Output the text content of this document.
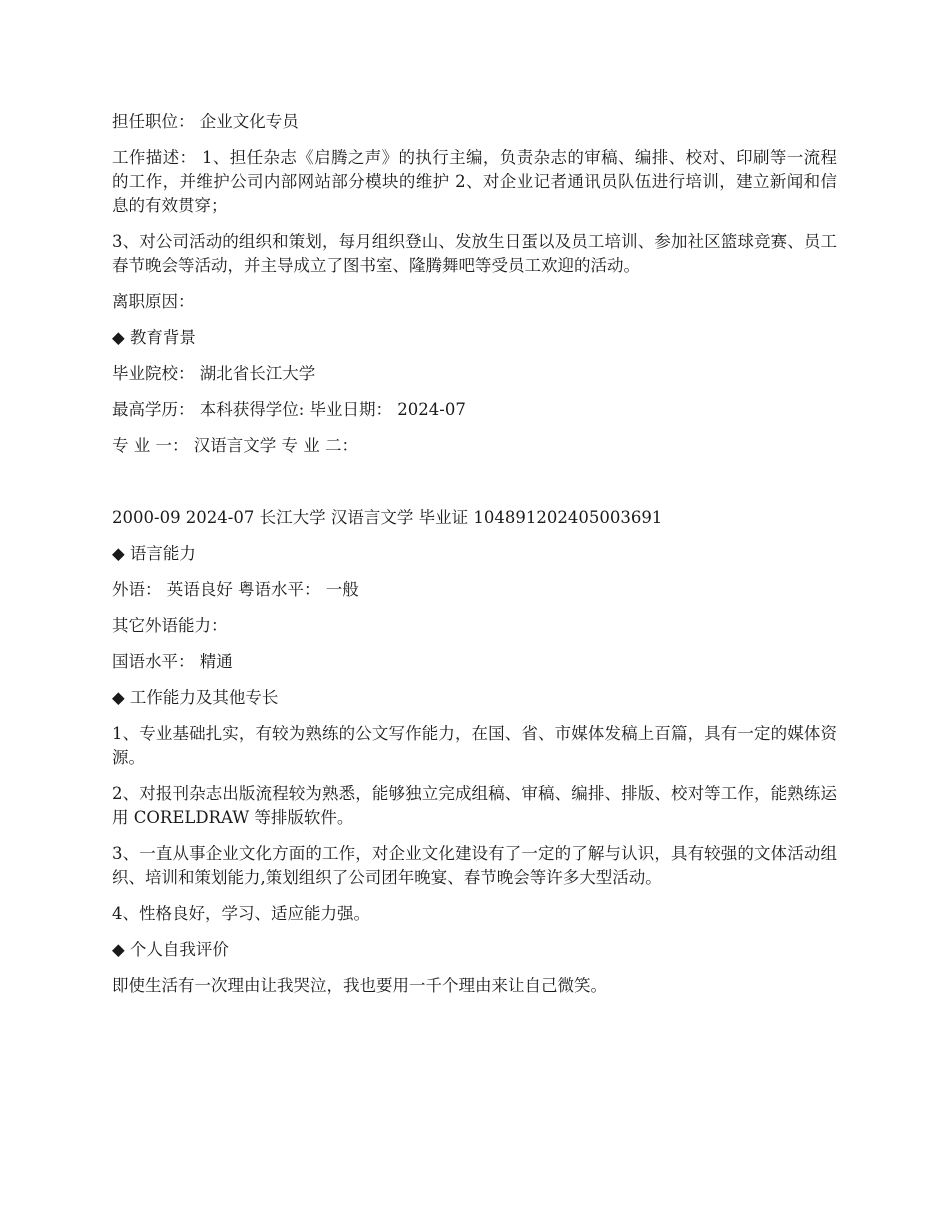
担任职位： 企业文化专员

工作描述： 1、担任杂志《启腾之声》的执行主编，负责杂志的审稿、编排、校对、印刷等一流程的工作，并维护公司内部网站部分模块的维护 2、对企业记者通讯员队伍进行培训，建立新闻和信息的有效贯穿；

3、对公司活动的组织和策划，每月组织登山、发放生日蛋以及员工培训、参加社区篮球竞赛、员工春节晚会等活动，并主导成立了图书室、隆腾舞吧等受员工欢迎的活动。

离职原因：

◆ 教育背景

毕业院校： 湖北省长江大学

最高学历： 本科获得学位: 毕业日期： 2024-07

专 业 一： 汉语言文学 专 业 二：

2000-09 2024-07 长江大学 汉语言文学 毕业证 104891202405003691

◆ 语言能力

外语： 英语良好 粤语水平： 一般

其它外语能力：

国语水平： 精通

◆ 工作能力及其他专长

1、专业基础扎实，有较为熟练的公文写作能力，在国、省、市媒体发稿上百篇，具有一定的媒体资源。

2、对报刊杂志出版流程较为熟悉，能够独立完成组稿、审稿、编排、排版、校对等工作，能熟练运用 CORELDRAW 等排版软件。

3、一直从事企业文化方面的工作，对企业文化建设有了一定的了解与认识，具有较强的文体活动组织、培训和策划能力,策划组织了公司团年晚宴、春节晚会等许多大型活动。

4、性格良好，学习、适应能力强。

◆ 个人自我评价

即使生活有一次理由让我哭泣，我也要用一千个理由来让自己微笑。
